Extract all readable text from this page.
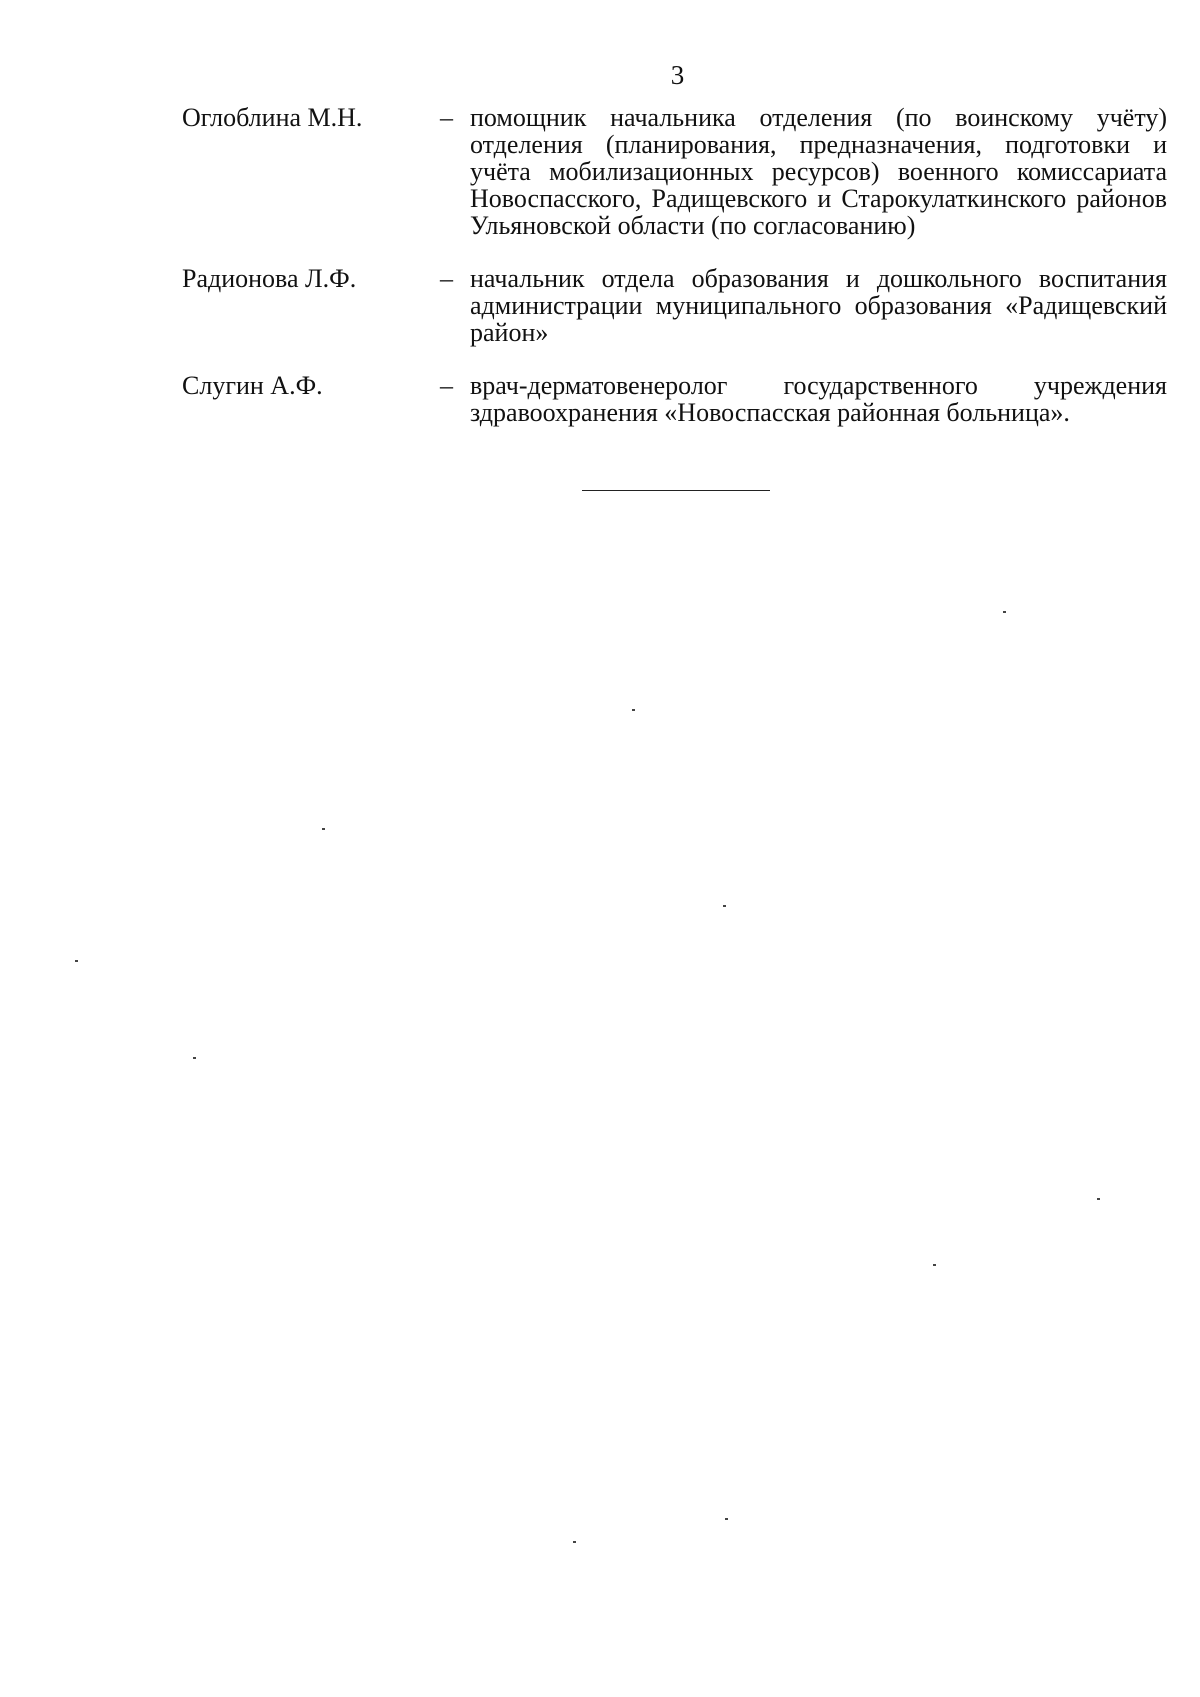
3
Оглоблина М.Н.	– помощник начальника отделения (по воинскому учёту) отделения (планирования, предназначения, подготовки и учёта мобилизационных ресурсов) военного комиссариата Новоспасского, Радищевского и Старокулаткинского районов Ульяновской области (по согласованию)
Радионова Л.Ф.	– начальник отдела образования и дошкольного воспитания администрации муниципального образования «Радищевский район»
Слугин А.Ф.	– врач-дерматовенеролог государственного учреждения здравоохранения «Новоспасская районная больница».
